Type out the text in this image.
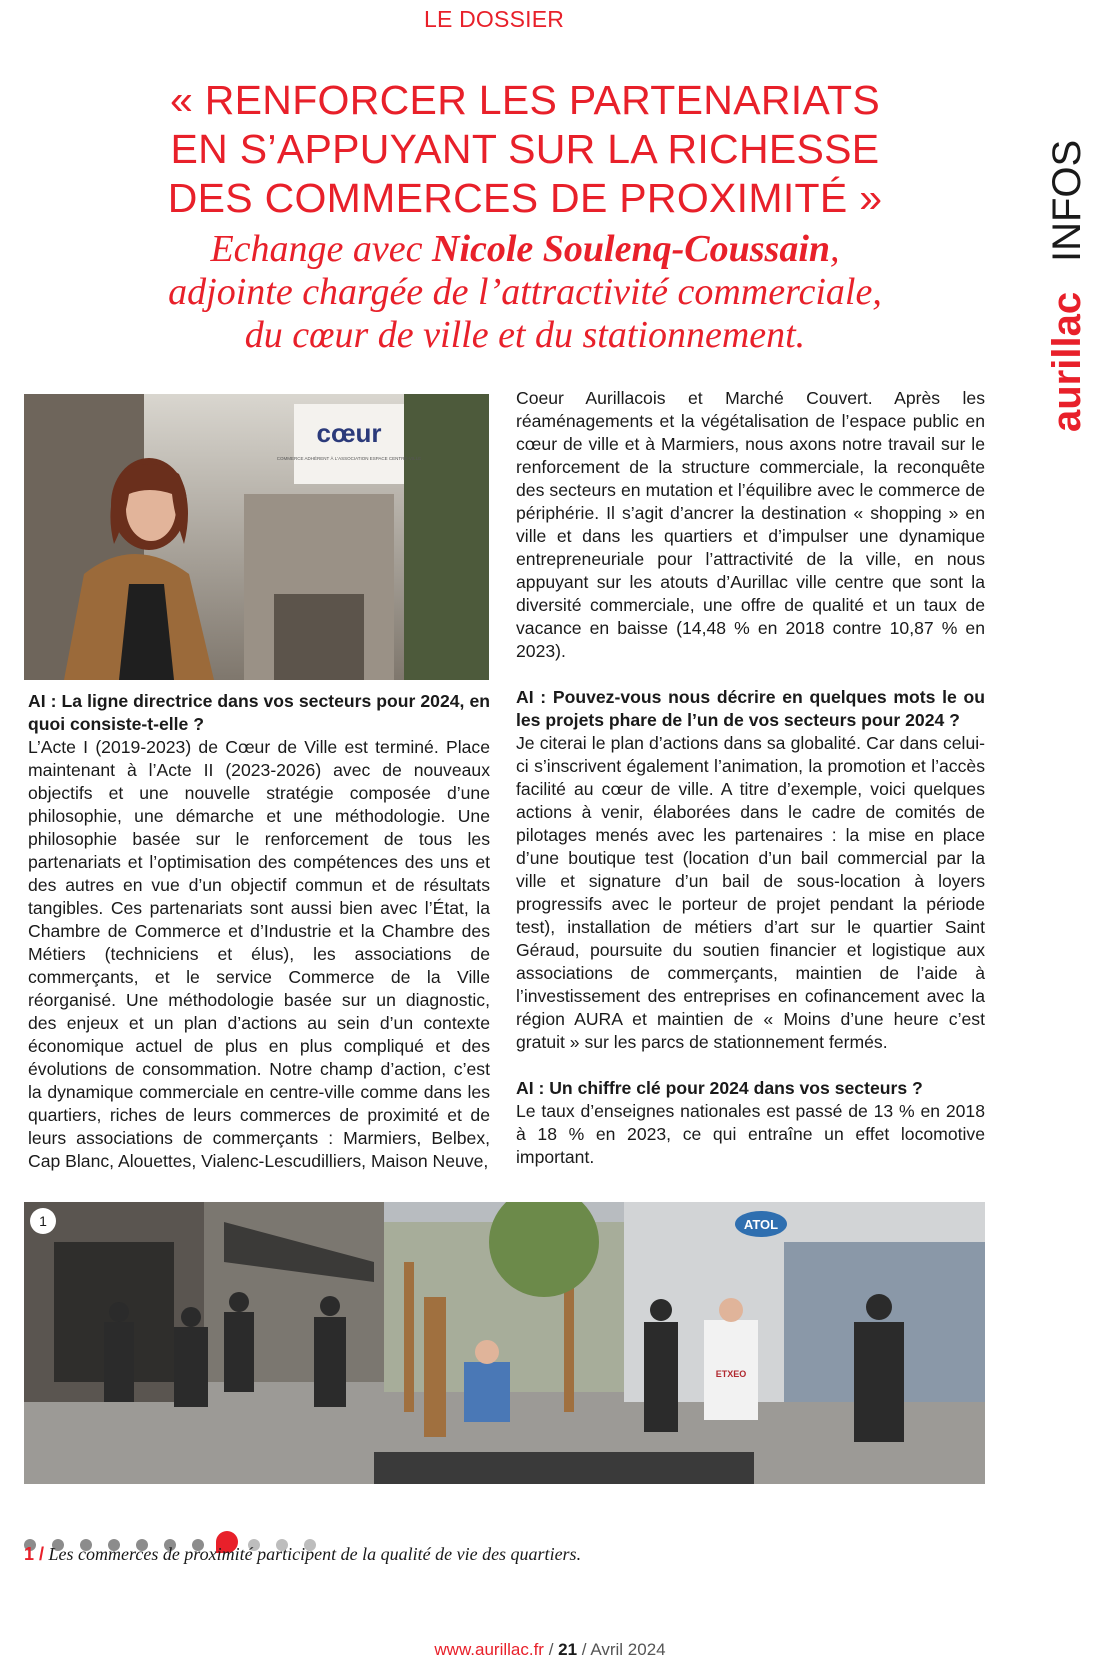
LE DOSSIER
« RENFORCER LES PARTENARIATS
EN S’APPUYANT SUR LA RICHESSE
DES COMMERCES DE PROXIMITÉ »
Echange avec Nicole Soulenq-Coussain,
adjointe chargée de l’attractivité commerciale,
du cœur de ville et du stationnement.	aurillac
INFOS
cœur
COMMERCE ADHÉRENT À L'ASSOCIATION ESPACE CENTRE-VILLE

AI : La ligne directrice dans vos secteurs pour 2024, en quoi consiste-t-elle ?

L’Acte I (2019-2023) de Cœur de Ville est terminé. Place maintenant à l’Acte II (2023-2026) avec de nouveaux objectifs et une nouvelle stratégie composée d’une philosophie, une démarche et une méthodologie. Une philosophie basée sur le renforcement de tous les partenariats et l’optimisation des compétences des uns et des autres en vue d’un objectif commun et de résultats tangibles. Ces partenariats sont aussi bien avec l’État, la Chambre de Commerce et d’Industrie et la Chambre des Métiers (techniciens et élus), les associations de commerçants, et le service Commerce de la Ville réorganisé. Une méthodologie basée sur un diagnostic, des enjeux et un plan d’actions au sein d’un contexte économique actuel de plus en plus compliqué et des évolutions de consommation. Notre champ d’action, c’est la dynamique commerciale en centre-ville comme dans les quartiers, riches de leurs commerces de proximité et de leurs associations de commerçants : Marmiers, Belbex, Cap Blanc, Alouettes, Vialenc-Lescudilliers, Maison Neuve,

Coeur Aurillacois et Marché Couvert. Après les réaménagements et la végétalisation de l’espace public en cœur de ville et à Marmiers, nous axons notre travail sur le renforcement de la structure commerciale, la reconquête des secteurs en mutation et l’équilibre avec le commerce de périphérie. Il s’agit d’ancrer la destination « shopping » en ville et dans les quartiers et d’impulser une dynamique entrepreneuriale pour l’attractivité de la ville, en nous appuyant sur les atouts d’Aurillac ville centre que sont la diversité commerciale, une offre de qualité et un taux de vacance en baisse (14,48 % en 2018 contre 10,87 % en 2023).

AI : Pouvez-vous nous décrire en quelques mots le ou les projets phare de l’un de vos secteurs pour 2024 ?

Je citerai le plan d’actions dans sa globalité. Car dans celui-ci s’inscrivent également l’animation, la promotion et l’accès facilité au cœur de ville. A titre d’exemple, voici quelques actions à venir, élaborées dans le cadre de comités de pilotages menés avec les partenaires : la mise en place d’une boutique test (location d’un bail commercial par la ville et signature d’un bail de sous-location à loyers progressifs avec le porteur de projet pendant la période test), installation de métiers d’art sur le quartier Saint Géraud, poursuite du soutien financier et logistique aux associations de commerçants, maintien de l’aide à l’investissement des entreprises en cofinancement avec la région AURA et maintien de « Moins d’une heure c’est gratuit » sur les parcs de stationnement fermés.

AI : Un chiffre clé pour 2024 dans vos secteurs ?

Le taux d’enseignes nationales est passé de 13 % en 2018 à 18 % en 2023, ce qui entraîne un effet locomotive important.

ATOL
ETXEO
1
1 / Les commerces de proximité participent de la qualité de vie des quartiers.
www.aurillac.fr / 21 / Avril 2024
